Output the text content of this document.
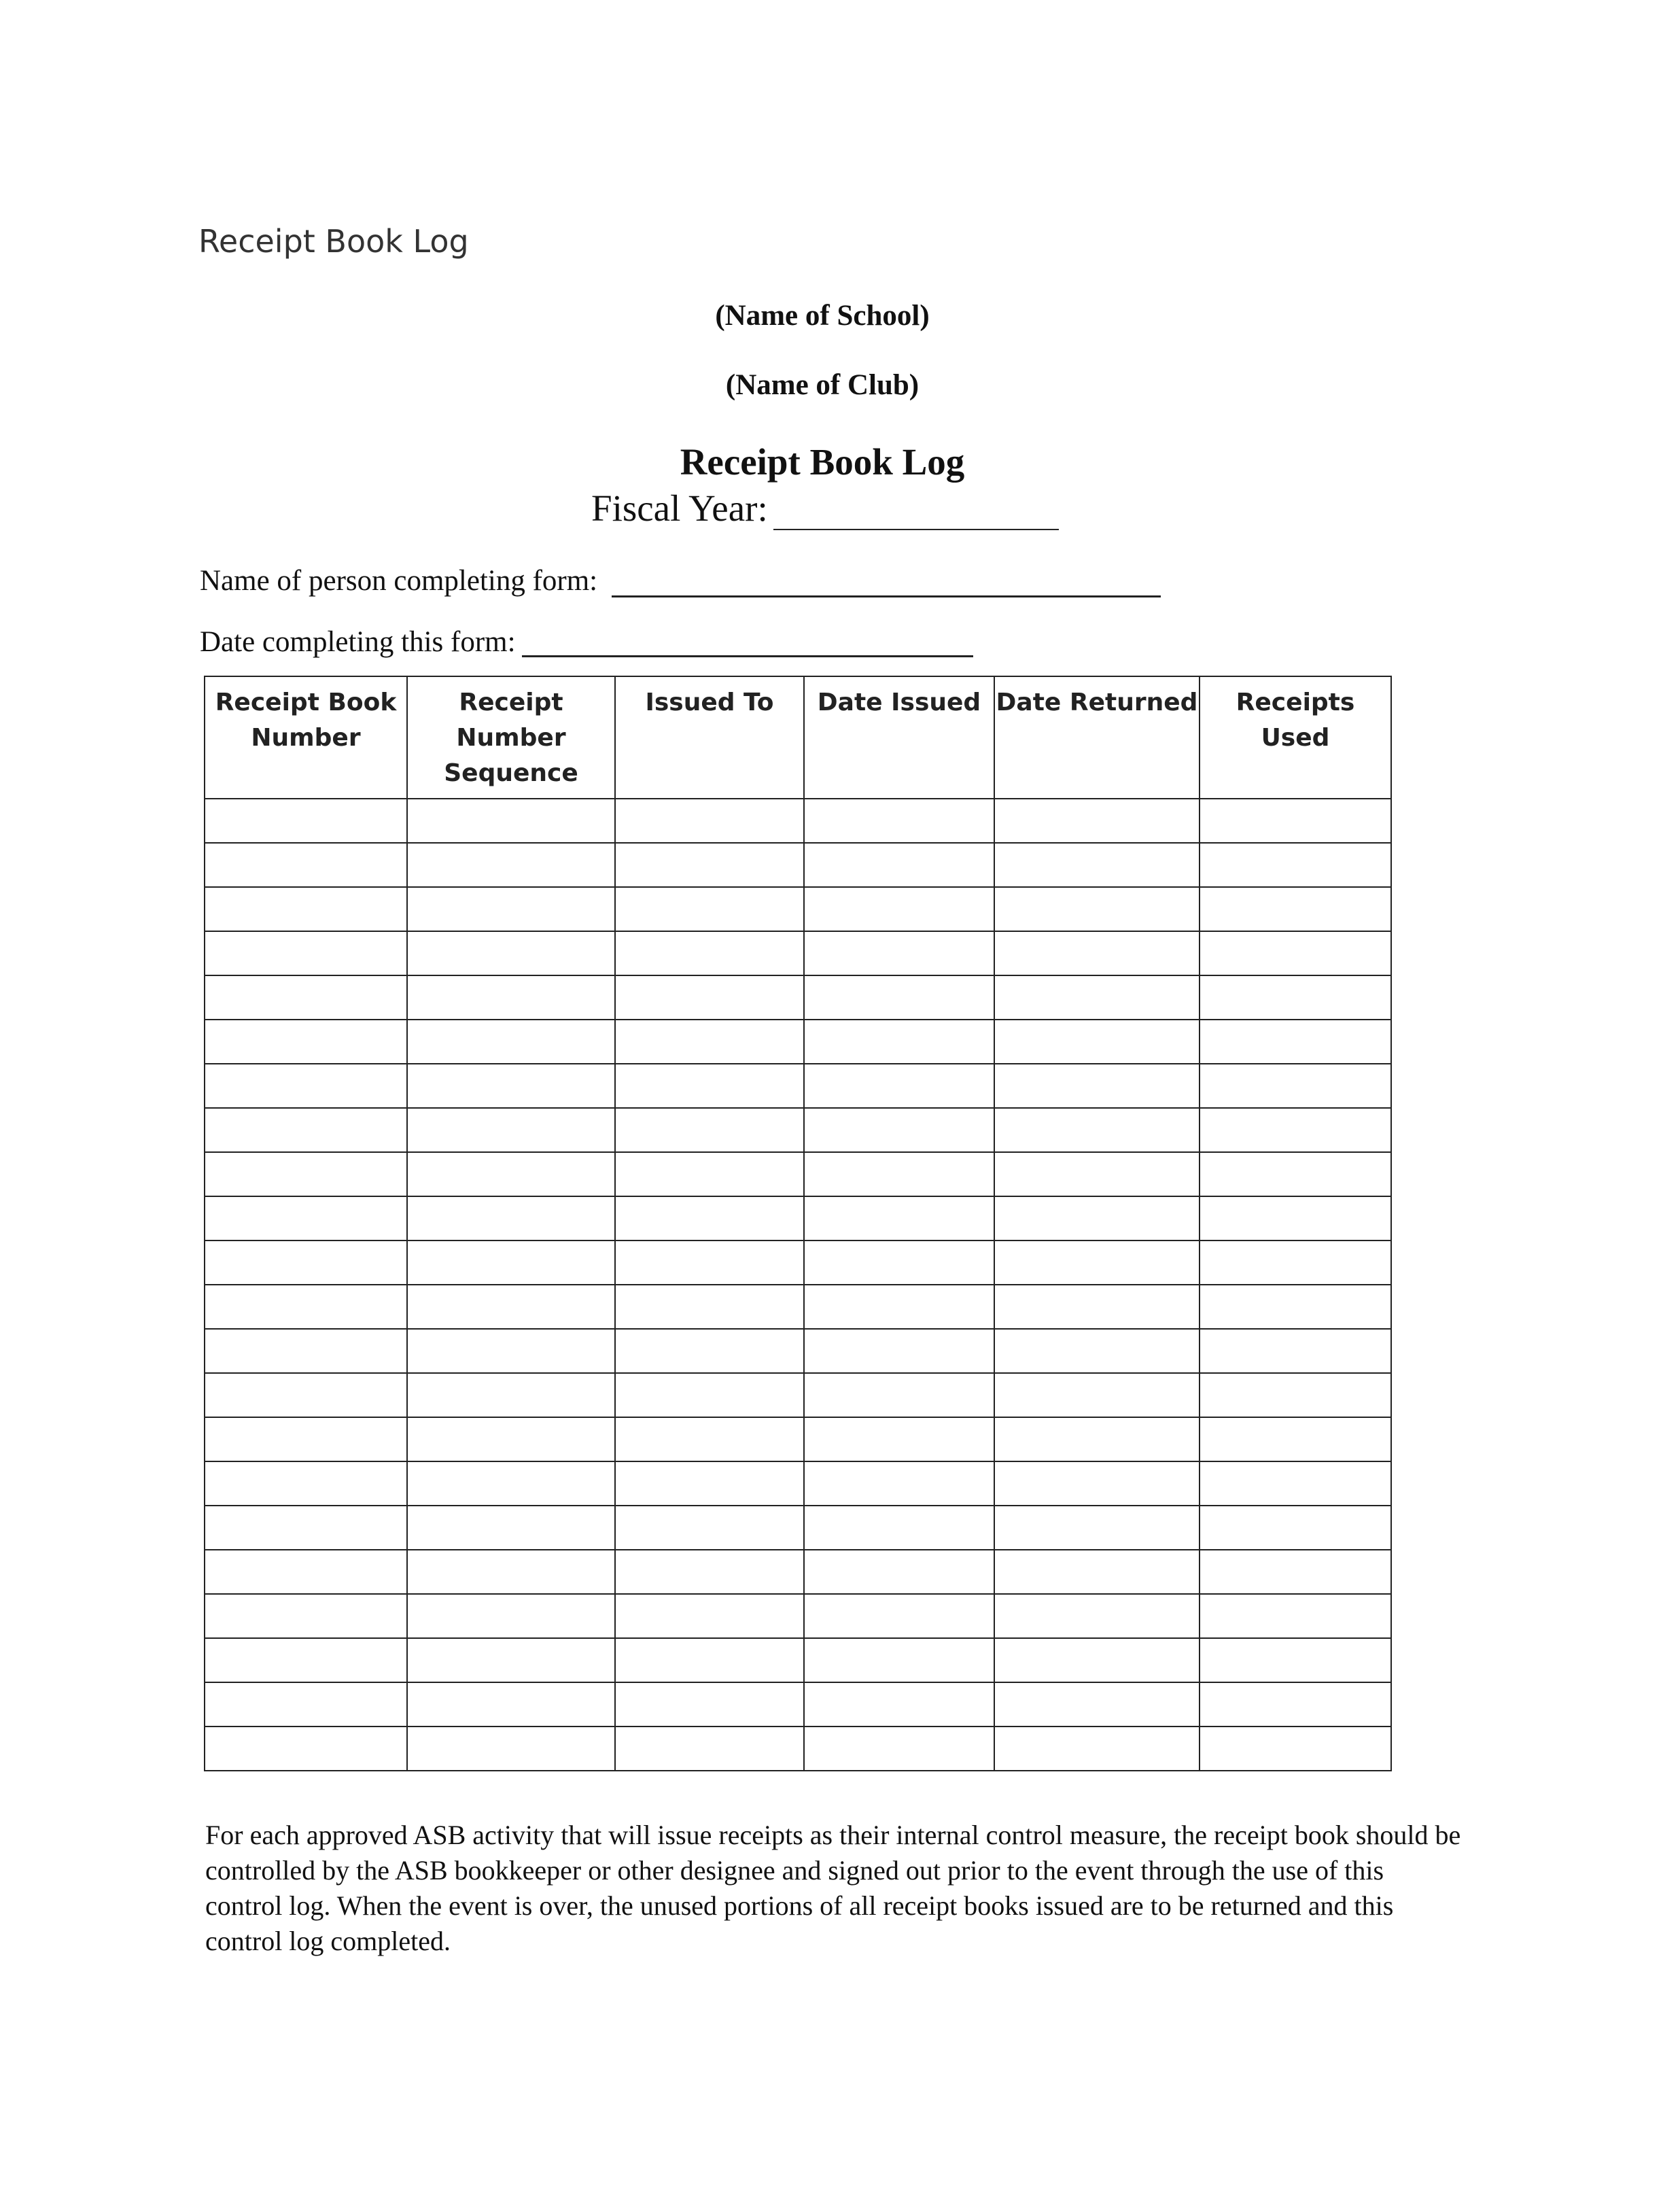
Receipt Book Log
(Name of School)
(Name of Club)
Receipt Book Log
Fiscal Year:
Name of person completing form:
Date completing this form:
Receipt Book Number	Receipt Number Sequence	Issued To	Date Issued	Date Returned	Receipts Used

For each approved ASB activity that will issue receipts as their internal control measure, the receipt book should be controlled by the ASB bookkeeper or other designee and signed out prior to the event through the use of this control log. When the event is over, the unused portions of all receipt books issued are to be returned and this control log completed.
